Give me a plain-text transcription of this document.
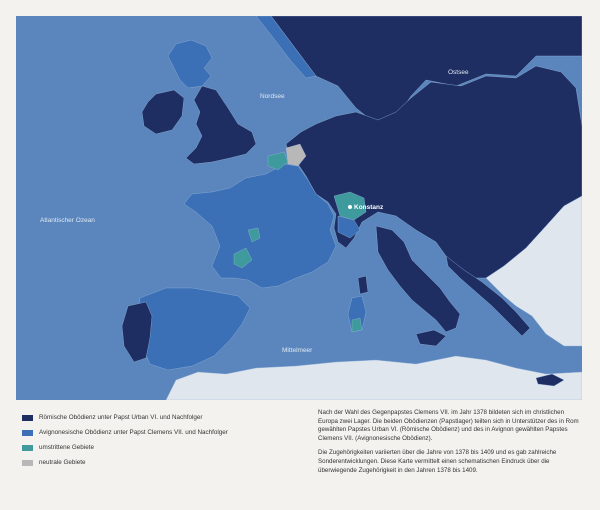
Nordsee
Ostsee
Atlantischer Ozean
Mittelmeer
Konstanz
Römische Obödienz unter Papst Urban VI. und Nachfolger
Avignonesische Obödienz unter Papst Clemens VII. und Nachfolger
umstrittene Gebiete
neutrale Gebiete

Nach der Wahl des Gegenpapstes Clemens VII. im Jahr 1378 bildeten sich im christlichen Europa zwei Lager. Die beiden Obödienzen (Papstlager) teilten sich in Unterstützer des in Rom gewählten Papstes Urban VI. (Römische Obödienz) und des in Avignon gewählten Papstes Clemens VII. (Avignonesische Obödienz).

Die Zugehörigkeiten variierten über die Jahre von 1378 bis 1409 und es gab zahlreiche Sonderentwicklungen. Diese Karte vermittelt einen schematischen Eindruck über die überwiegende Zugehörigkeit in den Jahren 1378 bis 1409.
